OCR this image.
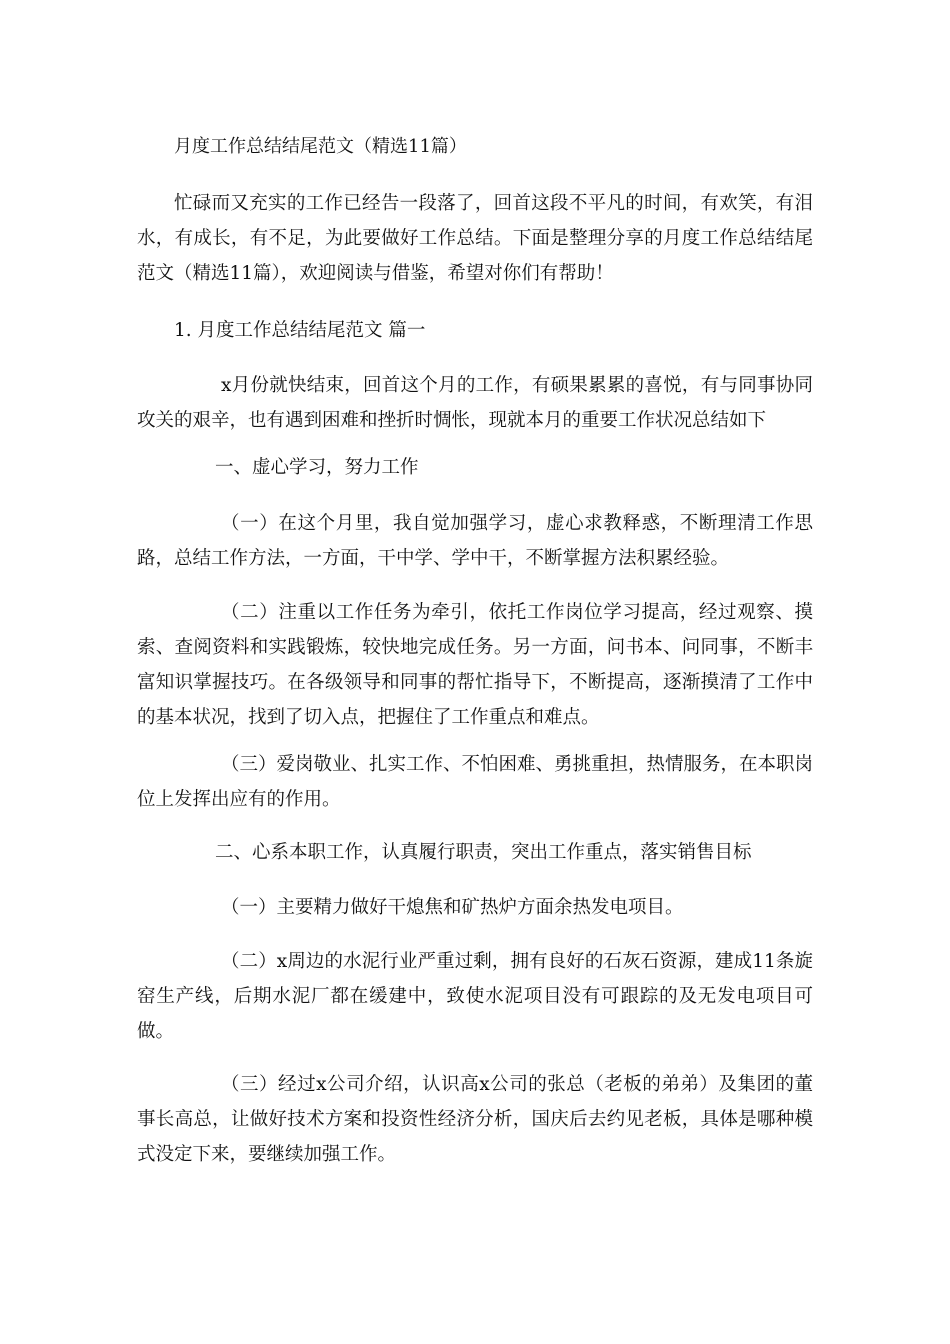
月度工作总结结尾范文（精选11篇）

忙碌而又充实的工作已经告一段落了，回首这段不平凡的时间，有欢笑，有泪水，有成长，有不足，为此要做好工作总结。下面是整理分享的月度工作总结结尾范文（精选11篇），欢迎阅读与借鉴，希望对你们有帮助！

1. 月度工作总结结尾范文 篇一

x月份就快结束，回首这个月的工作，有硕果累累的喜悦，有与同事协同攻关的艰辛，也有遇到困难和挫折时惆怅，现就本月的重要工作状况总结如下

一、虚心学习，努力工作

（一）在这个月里，我自觉加强学习，虚心求教释惑，不断理清工作思路，总结工作方法，一方面，干中学、学中干，不断掌握方法积累经验。

（二）注重以工作任务为牵引，依托工作岗位学习提高，经过观察、摸索、查阅资料和实践锻炼，较快地完成任务。另一方面，问书本、问同事，不断丰富知识掌握技巧。在各级领导和同事的帮忙指导下，不断提高，逐渐摸清了工作中的基本状况，找到了切入点，把握住了工作重点和难点。

（三）爱岗敬业、扎实工作、不怕困难、勇挑重担，热情服务，在本职岗位上发挥出应有的作用。

二、心系本职工作，认真履行职责，突出工作重点，落实销售目标

（一）主要精力做好干熄焦和矿热炉方面余热发电项目。

（二）x周边的水泥行业严重过剩，拥有良好的石灰石资源，建成11条旋窑生产线，后期水泥厂都在缓建中，致使水泥项目没有可跟踪的及无发电项目可做。

（三）经过x公司介绍，认识高x公司的张总（老板的弟弟）及集团的董事长高总，让做好技术方案和投资性经济分析，国庆后去约见老板，具体是哪种模式没定下来，要继续加强工作。
